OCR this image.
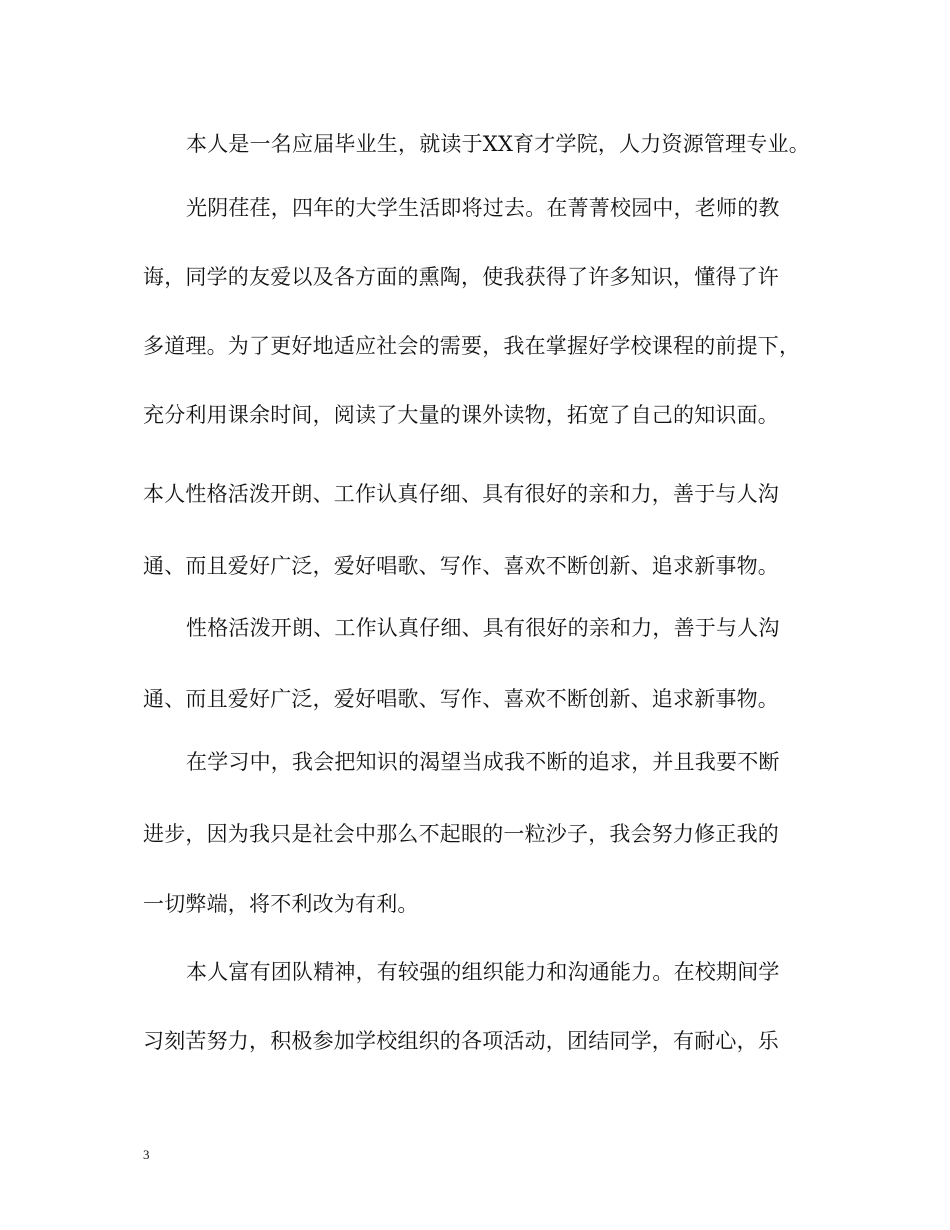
本人是一名应届毕业生，就读于XX育才学院，人力资源管理专业。
光阴荏荏，四年的大学生活即将过去。在菁菁校园中，老师的教
诲，同学的友爱以及各方面的熏陶，使我获得了许多知识，懂得了许
多道理。为了更好地适应社会的需要，我在掌握好学校课程的前提下，
充分利用课余时间，阅读了大量的课外读物，拓宽了自己的知识面。
本人性格活泼开朗、工作认真仔细、具有很好的亲和力，善于与人沟
通、而且爱好广泛，爱好唱歌、写作、喜欢不断创新、追求新事物。
性格活泼开朗、工作认真仔细、具有很好的亲和力，善于与人沟
通、而且爱好广泛，爱好唱歌、写作、喜欢不断创新、追求新事物。
在学习中，我会把知识的渴望当成我不断的追求，并且我要不断
进步，因为我只是社会中那么不起眼的一粒沙子，我会努力修正我的
一切弊端，将不利改为有利。
本人富有团队精神，有较强的组织能力和沟通能力。在校期间学
习刻苦努力，积极参加学校组织的各项活动，团结同学，有耐心，乐
3
